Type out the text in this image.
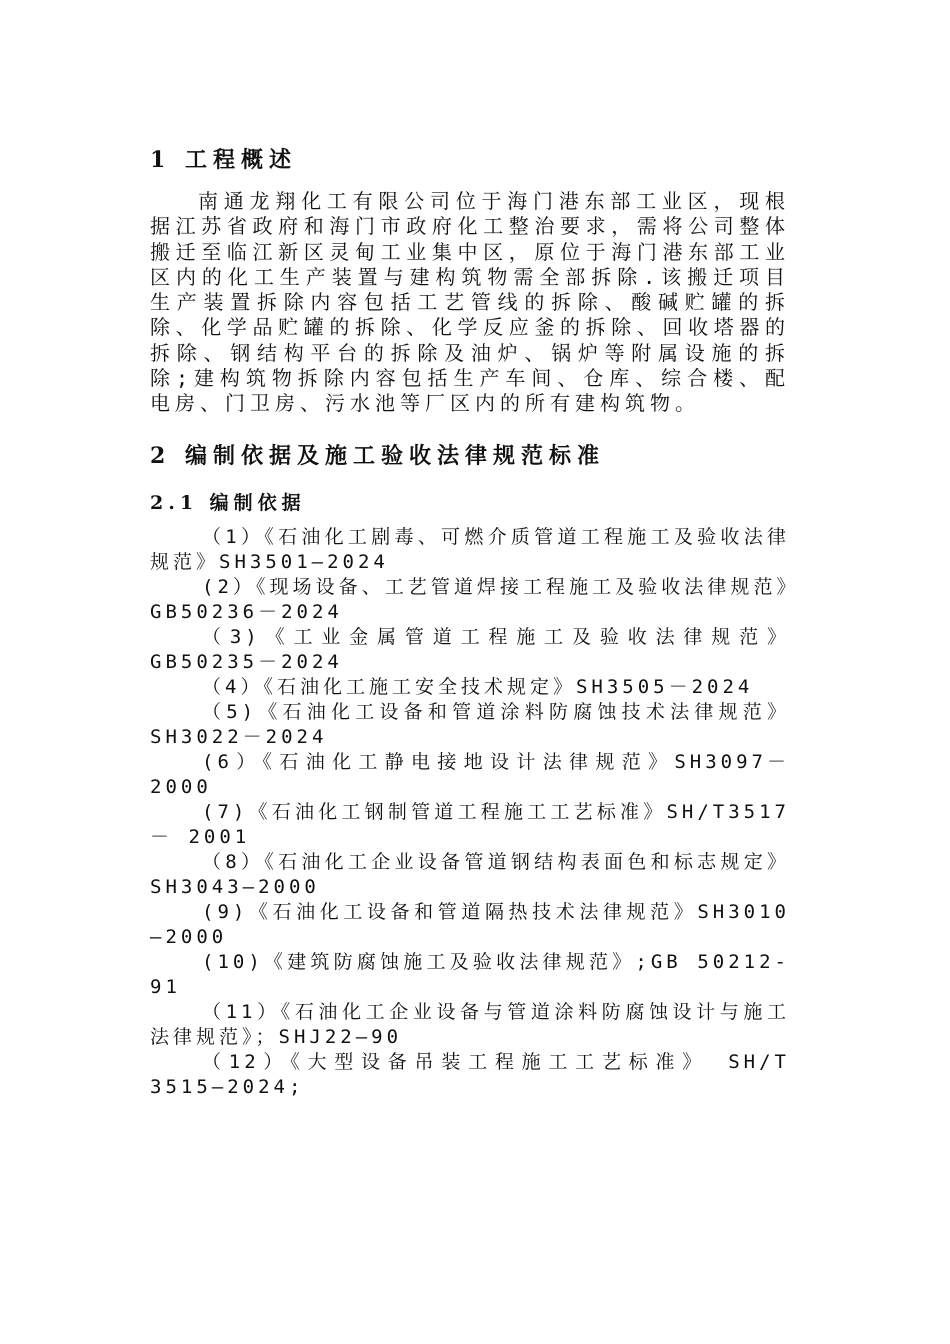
1 工程概述

南通龙翔化工有限公司位于海门港东部工业区，现根据江苏省政府和海门市政府化工整治要求，需将公司整体搬迁至临江新区灵甸工业集中区，原位于海门港东部工业区内的化工生产装置与建构筑物需全部拆除.该搬迁项目生产装置拆除内容包括工艺管线的拆除、酸碱贮罐的拆除、化学品贮罐的拆除、化学反应釜的拆除、回收塔器的拆除、钢结构平台的拆除及油炉、锅炉等附属设施的拆除;建构筑物拆除内容包括生产车间、仓库、综合楼、配电房、门卫房、污水池等厂区内的所有建构筑物。

2 编制依据及施工验收法律规范标准
2.1 编制依据
（1）《石油化工剧毒、可燃介质管道工程施工及验收法律规范》SH3501—2024
(2）《现场设备、工艺管道焊接工程施工及验收法律规范》GB50236－2024
（3)《工业金属管道工程施工及验收法律规范》GB50235－2024
（4）《石油化工施工安全技术规定》SH3505－2024
（5)《石油化工设备和管道涂料防腐蚀技术法律规范》SH3022－2024
(6）《石油化工静电接地设计法律规范》SH3097－2000
(7)《石油化工钢制管道工程施工工艺标准》SH/T3517 － 2001
（8）《石油化工企业设备管道钢结构表面色和标志规定》SH3043—2000
(9)《石油化工设备和管道隔热技术法律规范》SH3010—2000
(10)《建筑防腐蚀施工及验收法律规范》;GB 50212-91
（11）《石油化工企业设备与管道涂料防腐蚀设计与施工法律规范》；SHJ22—90
（12）《大型设备吊装工程施工工艺标准》 SH/T 3515—2024;
